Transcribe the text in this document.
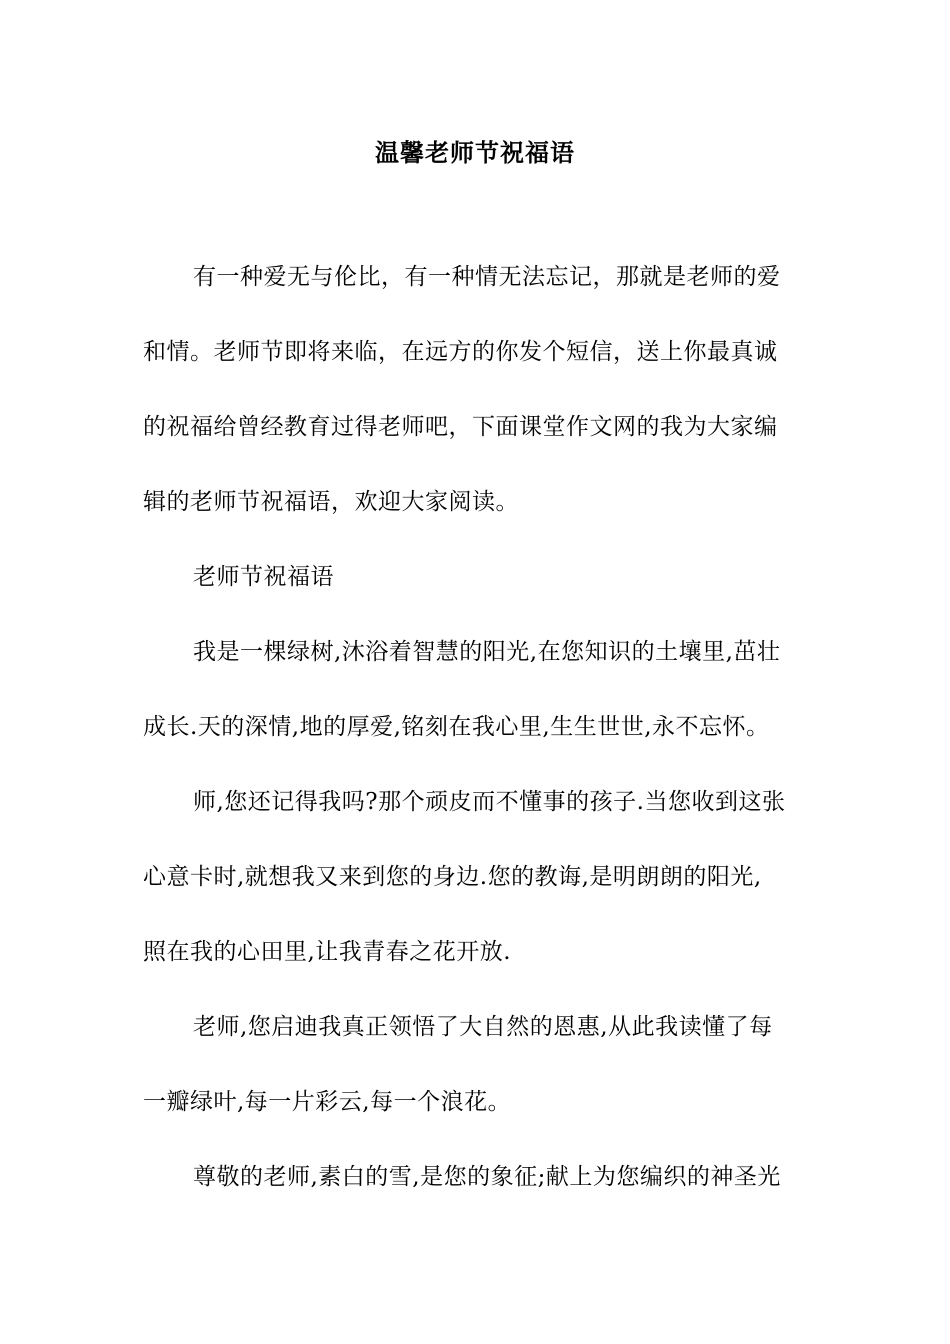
温馨老师节祝福语
有一种爱无与伦比，有一种情无法忘记，那就是老师的爱
和情。老师节即将来临，在远方的你发个短信，送上你最真诚
的祝福给曾经教育过得老师吧，下面课堂作文网的我为大家编
辑的老师节祝福语，欢迎大家阅读。
老师节祝福语
我是一棵绿树,沐浴着智慧的阳光,在您知识的土壤里,茁壮
成长.天的深情,地的厚爱,铭刻在我心里,生生世世,永不忘怀。
师,您还记得我吗?那个顽皮而不懂事的孩子.当您收到这张
心意卡时,就想我又来到您的身边.您的教诲,是明朗朗的阳光,
照在我的心田里,让我青春之花开放.
老师,您启迪我真正领悟了大自然的恩惠,从此我读懂了每
一瓣绿叶,每一片彩云,每一个浪花。
尊敬的老师,素白的雪,是您的象征;献上为您编织的神圣光
